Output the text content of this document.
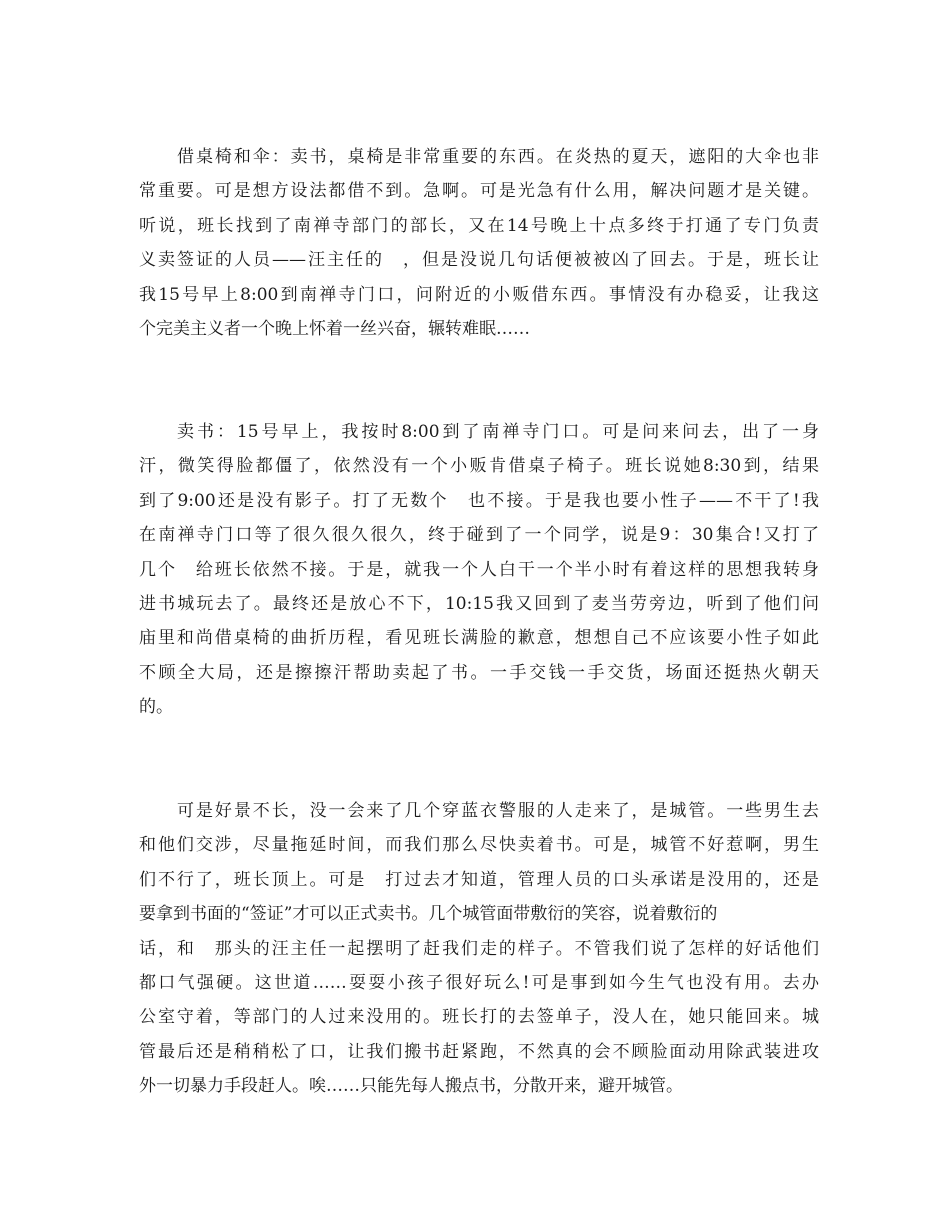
借桌椅和伞：卖书，桌椅是非常重要的东西。在炎热的夏天，遮阳的大伞也非
常重要。可是想方设法都借不到。急啊。可是光急有什么用，解决问题才是关键。
听说，班长找到了南禅寺部门的部长，又在14号晚上十点多终于打通了专门负责
义卖签证的人员——汪主任的　，但是没说几句话便被被凶了回去。于是，班长让
我15号早上8:00到南禅寺门口，问附近的小贩借东西。事情没有办稳妥，让我这
个完美主义者一个晚上怀着一丝兴奋，辗转难眠……
卖书：15号早上，我按时8:00到了南禅寺门口。可是问来问去，出了一身
汗，微笑得脸都僵了，依然没有一个小贩肯借桌子椅子。班长说她8:30到，结果
到了9:00还是没有影子。打了无数个　也不接。于是我也要小性子——不干了!我
在南禅寺门口等了很久很久很久，终于碰到了一个同学，说是9：30集合!又打了
几个　给班长依然不接。于是，就我一个人白干一个半小时有着这样的思想我转身
进书城玩去了。最终还是放心不下，10:15我又回到了麦当劳旁边，听到了他们问
庙里和尚借桌椅的曲折历程，看见班长满脸的歉意，想想自己不应该要小性子如此
不顾全大局，还是擦擦汗帮助卖起了书。一手交钱一手交货，场面还挺热火朝天
的。
可是好景不长，没一会来了几个穿蓝衣警服的人走来了，是城管。一些男生去
和他们交涉，尽量拖延时间，而我们那么尽快卖着书。可是，城管不好惹啊，男生
们不行了，班长顶上。可是　打过去才知道，管理人员的口头承诺是没用的，还是
要拿到书面的“签证”才可以正式卖书。几个城管面带敷衍的笑容，说着敷衍的
话，和　那头的汪主任一起摆明了赶我们走的样子。不管我们说了怎样的好话他们
都口气强硬。这世道……耍耍小孩子很好玩么!可是事到如今生气也没有用。去办
公室守着，等部门的人过来没用的。班长打的去签单子，没人在，她只能回来。城
管最后还是稍稍松了口，让我们搬书赶紧跑，不然真的会不顾脸面动用除武装进攻
外一切暴力手段赶人。唉……只能先每人搬点书，分散开来，避开城管。
